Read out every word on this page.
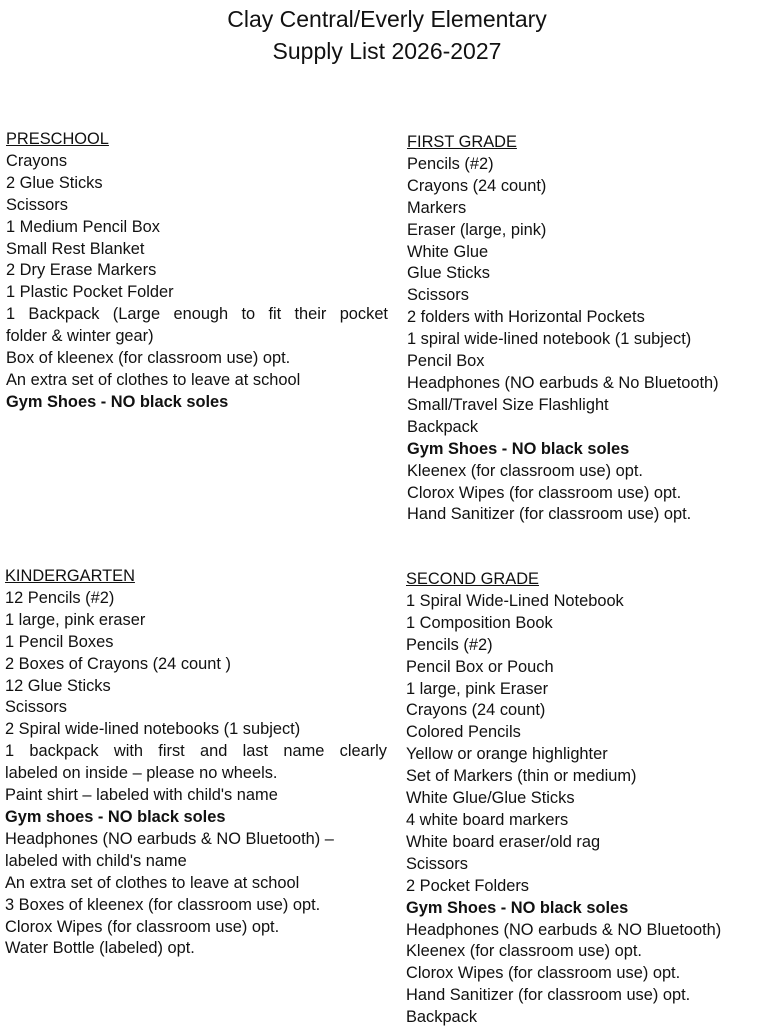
Clay Central/Everly Elementary
Supply List 2026-2027
PRESCHOOL
Crayons
2 Glue Sticks
Scissors
1 Medium Pencil Box
Small Rest Blanket
2 Dry Erase Markers
1 Plastic Pocket Folder
1 Backpack (Large enough to fit their pocket
folder & winter gear)
Box of kleenex (for classroom use) opt.
An extra set of clothes to leave at school
Gym Shoes - NO black soles
KINDERGARTEN
12 Pencils (#2)
1 large, pink eraser
1 Pencil Boxes
2 Boxes of Crayons (24 count )
12 Glue Sticks
Scissors
2 Spiral wide-lined notebooks (1 subject)
1 backpack with first and last name clearly
labeled on inside – please no wheels.
Paint shirt – labeled with child's name
Gym shoes - NO black soles
Headphones (NO earbuds & NO Bluetooth) –
labeled with child's name
An extra set of clothes to leave at school
3 Boxes of kleenex (for classroom use) opt.
Clorox Wipes (for classroom use) opt.
Water Bottle (labeled) opt.
FIRST GRADE
Pencils (#2)
Crayons (24 count)
Markers
Eraser (large, pink)
White Glue
Glue Sticks
Scissors
2 folders with Horizontal Pockets
1 spiral wide-lined notebook (1 subject)
Pencil Box
Headphones (NO earbuds & No Bluetooth)
Small/Travel Size Flashlight
Backpack
Gym Shoes - NO black soles
Kleenex (for classroom use) opt.
Clorox Wipes (for classroom use) opt.
Hand Sanitizer (for classroom use) opt.
SECOND GRADE
1 Spiral Wide-Lined Notebook
1 Composition Book
Pencils (#2)
Pencil Box or Pouch
1 large, pink Eraser
Crayons (24 count)
Colored Pencils
Yellow or orange highlighter
Set of Markers (thin or medium)
White Glue/Glue Sticks
4 white board markers
White board eraser/old rag
Scissors
2 Pocket Folders
Gym Shoes - NO black soles
Headphones (NO earbuds & NO Bluetooth)
Kleenex (for classroom use) opt.
Clorox Wipes (for classroom use) opt.
Hand Sanitizer (for classroom use) opt.
Backpack
